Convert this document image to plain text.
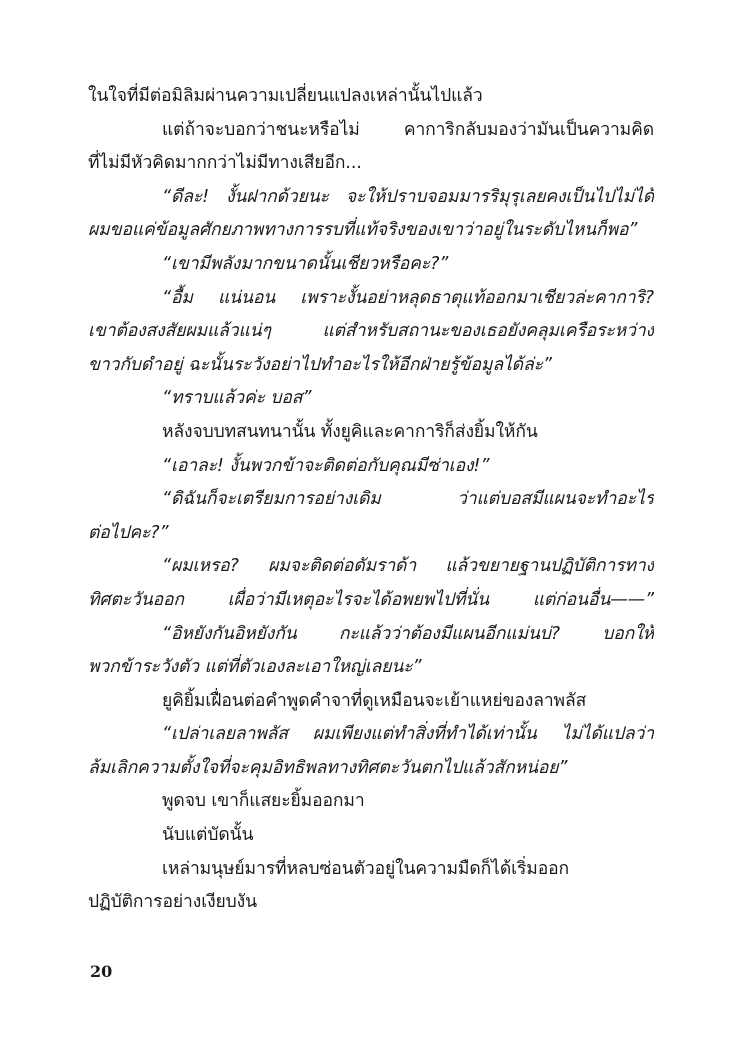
ในใจที่มีต่อมิลิมผ่านความเปลี่ยนแปลงเหล่านั้นไปแล้ว
แต่ถ้าจะบอกว่าชนะหรือไม่ คาการิกลับมองว่ามันเป็นความคิด
ที่ไม่มีหัวคิดมากกว่าไม่มีทางเสียอีก...
“ดีละ! งั้นฝากด้วยนะ จะให้ปราบจอมมารริมุรุเลยคงเป็นไปไม่ได้
ผมขอแค่ข้อมูลศักยภาพทางการรบที่แท้จริงของเขาว่าอยู่ในระดับไหนก็พอ”
“เขามีพลังมากขนาดนั้นเชียวหรือคะ?”
“อื้ม แน่นอน เพราะงั้นอย่าหลุดธาตุแท้ออกมาเชียวล่ะคาการิ?
เขาต้องสงสัยผมแล้วแน่ๆ แต่สำหรับสถานะของเธอยังคลุมเครือระหว่าง
ขาวกับดำอยู่ ฉะนั้นระวังอย่าไปทำอะไรให้อีกฝ่ายรู้ข้อมูลได้ล่ะ”
“ทราบแล้วค่ะ บอส”
หลังจบบทสนทนานั้น ทั้งยูคิและคาการิก็ส่งยิ้มให้กัน
“เอาละ! งั้นพวกข้าจะติดต่อกับคุณมีซ่าเอง!”
“ดิฉันก็จะเตรียมการอย่างเดิม ว่าแต่บอสมีแผนจะทำอะไร
ต่อไปคะ?”
“ผมเหรอ? ผมจะติดต่อดัมราด้า แล้วขยายฐานปฏิบัติการทาง
ทิศตะวันออก เผื่อว่ามีเหตุอะไรจะได้อพยพไปที่นั่น แต่ก่อนอื่น——”
“อิหยังกันอิหยังกัน กะแล้วว่าต้องมีแผนอีกแม่นบ่? บอกให้
พวกข้าระวังตัว แต่ที่ตัวเองละเอาใหญ่เลยนะ”
ยูคิยิ้มเฝื่อนต่อคำพูดคำจาที่ดูเหมือนจะเย้าแหย่ของลาพลัส
“เปล่าเลยลาพลัส ผมเพียงแต่ทำสิ่งที่ทำได้เท่านั้น ไม่ได้แปลว่า
ล้มเลิกความตั้งใจที่จะคุมอิทธิพลทางทิศตะวันตกไปแล้วสักหน่อย”
พูดจบ เขาก็แสยะยิ้มออกมา
นับแต่บัดนั้น
เหล่ามนุษย์มารที่หลบซ่อนตัวอยู่ในความมืดก็ได้เริ่มออก
ปฏิบัติการอย่างเงียบงัน
20
